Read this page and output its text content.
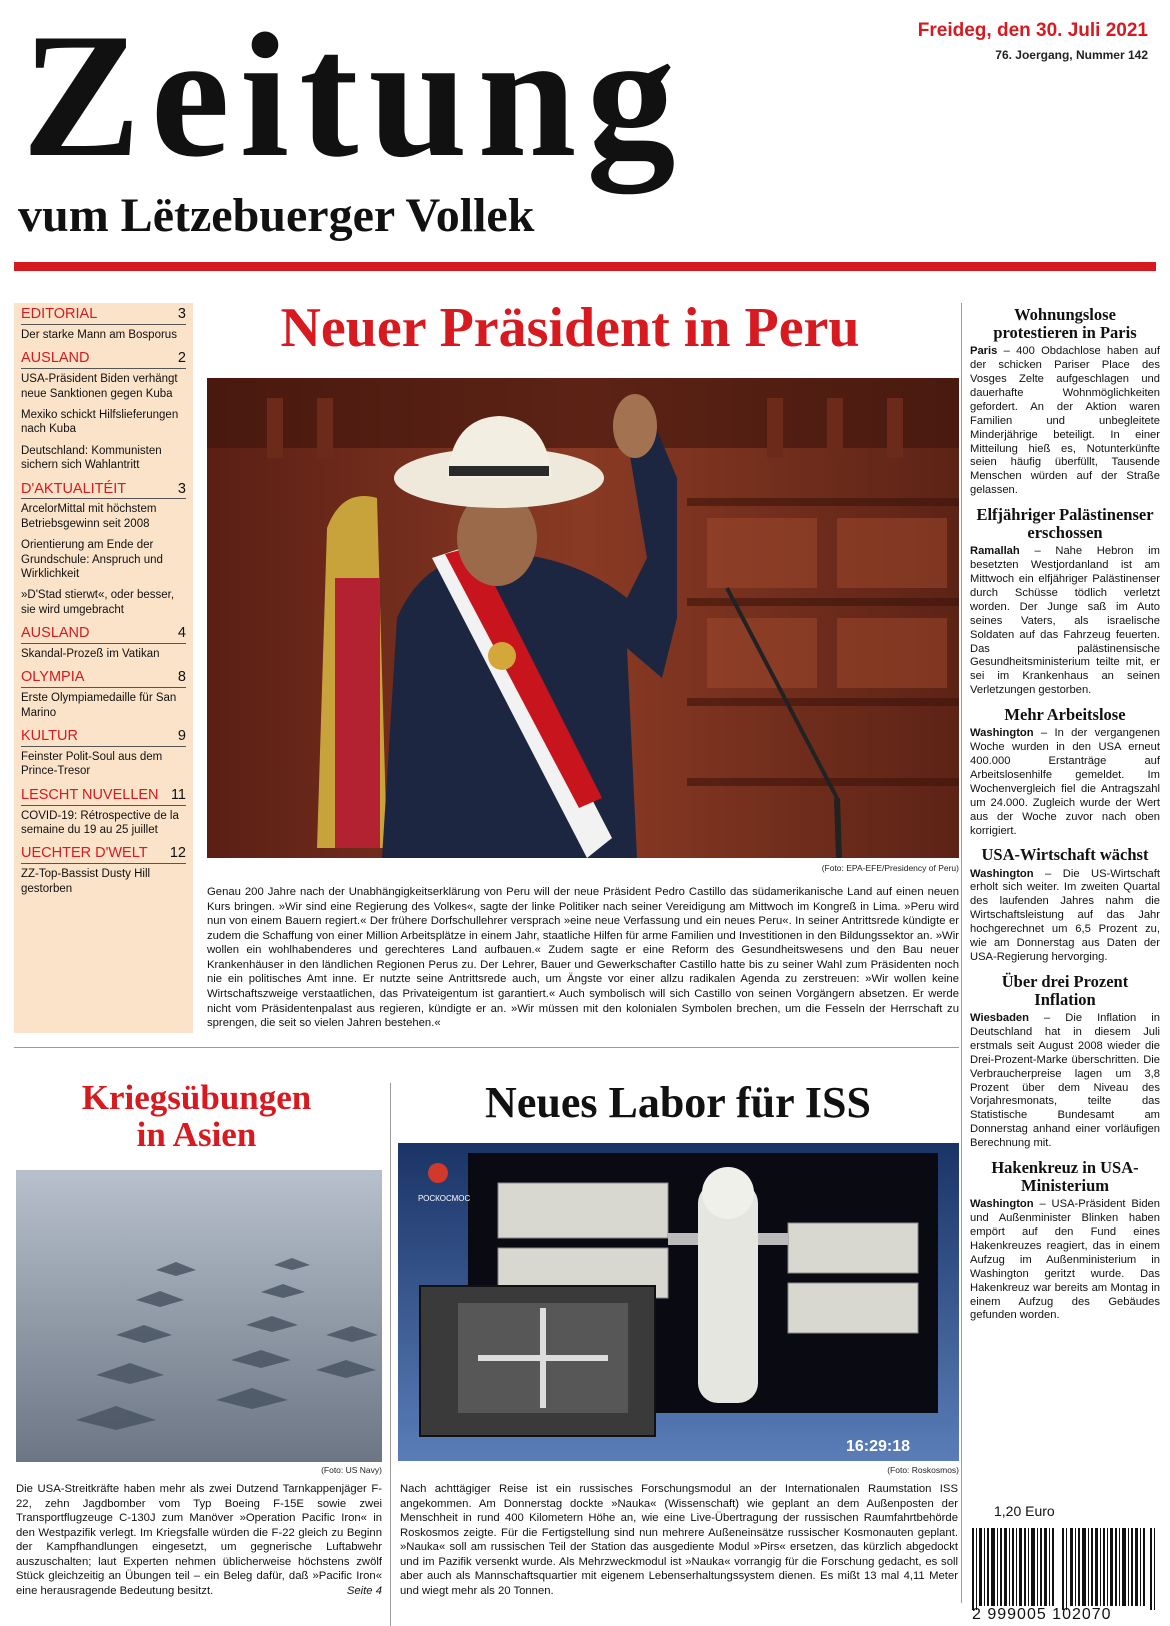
Zeitung
vum Lëtzebuerger Vollek
Freideg, den 30. Juli 2021
76. Joergang, Nummer 142
EDITORIAL	3
Der starke Mann am Bosporus
AUSLAND	2
USA-Präsident Biden verhängt neue Sanktionen gegen Kuba
Mexiko schickt Hilfslieferungen nach Kuba
Deutschland: Kommunisten sichern sich Wahlantritt
D'AKTUALITÉIT	3
ArcelorMittal mit höchstem Betriebsgewinn seit 2008
Orientierung am Ende der Grundschule: Anspruch und Wirklichkeit
»D'Stad stierwt«, oder besser, sie wird umgebracht
AUSLAND	4
Skandal-Prozeß im Vatikan
OLYMPIA	8
Erste Olympiamedaille für San Marino
KULTUR	9
Feinster Polit-Soul aus dem Prince-Tresor
LESCHT NUVELLEN 11
COVID-19: Rétrospective de la semaine du 19 au 25 juillet
UECHTER D'WELT 12
ZZ-Top-Bassist Dusty Hill gestorben
Neuer Präsident in Peru
(Foto: EPA-EFE/Presidency of Peru)
Genau 200 Jahre nach der Unabhängigkeitserklärung von Peru will der neue Präsident Pedro Castillo das südamerikanische Land auf einen neuen Kurs bringen. »Wir sind eine Regierung des Volkes«, sagte der linke Politiker nach seiner Vereidigung am Mittwoch im Kongreß in Lima. »Peru wird nun von einem Bauern regiert.« Der frühere Dorfschullehrer versprach »eine neue Verfassung und ein neues Peru«. In seiner Antrittsrede kündigte er zudem die Schaffung von einer Million Arbeitsplätze in einem Jahr, staatliche Hilfen für arme Familien und Investitionen in den Bildungssektor an. »Wir wollen ein wohlhabenderes und gerechteres Land aufbauen.« Zudem sagte er eine Reform des Gesundheitswesens und den Bau neuer Krankenhäuser in den ländlichen Regionen Perus zu. Der Lehrer, Bauer und Gewerkschafter Castillo hatte bis zu seiner Wahl zum Präsidenten noch nie ein politisches Amt inne. Er nutzte seine Antrittsrede auch, um Ängste vor einer allzu radikalen Agenda zu zerstreuen: »Wir wollen keine Wirtschaftszweige verstaatlichen, das Privateigentum ist garantiert.« Auch symbolisch will sich Castillo von seinen Vorgängern absetzen. Er werde nicht vom Präsidentenpalast aus regieren, kündigte er an. »Wir müssen mit den kolonialen Symbolen brechen, um die Fesseln der Herrschaft zu sprengen, die seit so vielen Jahren bestehen.«
Wohnungslose protestieren in Paris

Paris – 400 Obdachlose haben auf der schicken Pariser Place des Vosges Zelte aufgeschlagen und dauerhafte Wohnmöglichkeiten gefordert. An der Aktion waren Familien und unbegleitete Minderjährige beteiligt. In einer Mitteilung hieß es, Notunterkünfte seien häufig überfüllt, Tausende Menschen würden auf der Straße gelassen.

Elfjähriger Palästinenser erschossen

Ramallah – Nahe Hebron im besetzten Westjordanland ist am Mittwoch ein elfjähriger Palästinenser durch Schüsse tödlich verletzt worden. Der Junge saß im Auto seines Vaters, als israelische Soldaten auf das Fahrzeug feuerten. Das palästinensische Gesundheitsministerium teilte mit, er sei im Krankenhaus an seinen Verletzungen gestorben.

Mehr Arbeitslose

Washington – In der vergangenen Woche wurden in den USA erneut 400.000 Erstanträge auf Arbeitslosenhilfe gemeldet. Im Wochenvergleich fiel die Antragszahl um 24.000. Zugleich wurde der Wert aus der Woche zuvor nach oben korrigiert.

USA-Wirtschaft wächst

Washington – Die US-Wirtschaft erholt sich weiter. Im zweiten Quartal des laufenden Jahres nahm die Wirtschaftsleistung auf das Jahr hochgerechnet um 6,5 Prozent zu, wie am Donnerstag aus Daten der USA-Regierung hervorging.

Über drei Prozent Inflation

Wiesbaden – Die Inflation in Deutschland hat in diesem Juli erstmals seit August 2008 wieder die Drei-Prozent-Marke überschritten. Die Verbraucherpreise lagen um 3,8 Prozent über dem Niveau des Vorjahresmonats, teilte das Statistische Bundesamt am Donnerstag anhand einer vorläufigen Berechnung mit.

Hakenkreuz in USA-Ministerium

Washington – USA-Präsident Biden und Außenminister Blinken haben empört auf den Fund eines Hakenkreuzes reagiert, das in einem Aufzug im Außenministerium in Washington geritzt wurde. Das Hakenkreuz war bereits am Montag in einem Aufzug des Gebäudes gefunden worden.

Kriegsübungen
in Asien
(Foto: US Navy)
Die USA-Streitkräfte haben mehr als zwei Dutzend Tarnkappenjäger F-22, zehn Jagdbomber vom Typ Boeing F-15E sowie zwei Transportflugzeuge C-130J zum Manöver »Operation Pacific Iron« in den Westpazifik verlegt. Im Kriegsfalle würden die F-22 gleich zu Beginn der Kampfhandlungen eingesetzt, um gegnerische Luftabwehr auszuschalten; laut Experten nehmen üblicherweise höchstens zwölf Stück gleichzeitig an Übungen teil – ein Beleg dafür, daß »Pacific Iron« eine herausragende Bedeutung besitzt.	Seite 4
Neues Labor für ISS
РОСКОСМОС
16:29:18
(Foto: Roskosmos)
Nach achttägiger Reise ist ein russisches Forschungsmodul an der Internationalen Raumstation ISS angekommen. Am Donnerstag dockte »Nauka« (Wissenschaft) wie geplant an dem Außenposten der Menschheit in rund 400 Kilometern Höhe an, wie eine Live-Übertragung der russischen Raumfahrtbehörde Roskosmos zeigte. Für die Fertigstellung sind nun mehrere Außeneinsätze russischer Kosmonauten geplant. »Nauka« soll am russischen Teil der Station das ausgediente Modul »Pirs« ersetzen, das kürzlich abgedockt und im Pazifik versenkt wurde. Als Mehrzweckmodul ist »Nauka« vorrangig für die Forschung gedacht, es soll aber auch als Mannschaftsquartier mit eigenem Lebenserhaltungssystem dienen. Es mißt 13 mal 4,11 Meter und wiegt mehr als 20 Tonnen.
1,20 Euro
2 999005 102070
